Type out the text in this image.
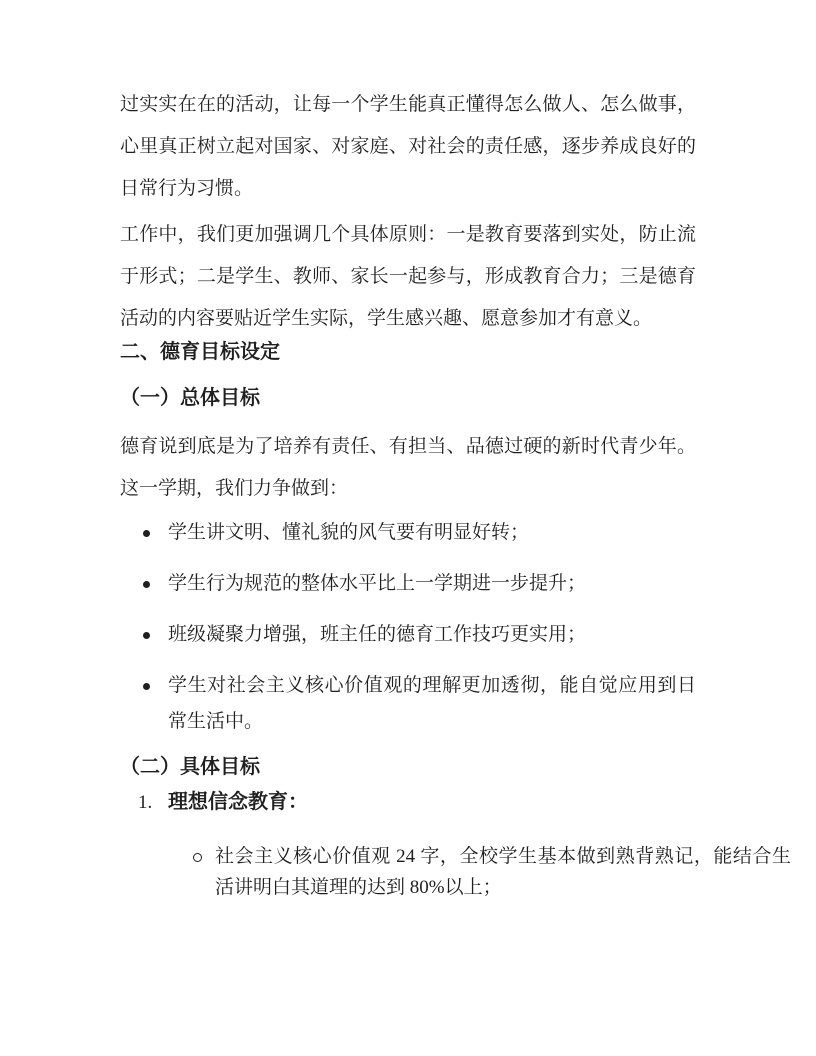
过实实在在的活动，让每一个学生能真正懂得怎么做人、怎么做事，心里真正树立起对国家、对家庭、对社会的责任感，逐步养成良好的日常行为习惯。

工作中，我们更加强调几个具体原则：一是教育要落到实处，防止流于形式；二是学生、教师、家长一起参与，形成教育合力；三是德育活动的内容要贴近学生实际，学生感兴趣、愿意参加才有意义。

二、德育目标设定
（一）总体目标

德育说到底是为了培养有责任、有担当、品德过硬的新时代青少年。这一学期，我们力争做到：

学生讲文明、懂礼貌的风气要有明显好转；
学生行为规范的整体水平比上一学期进一步提升；
班级凝聚力增强，班主任的德育工作技巧更实用；
学生对社会主义核心价值观的理解更加透彻，能自觉应用到日常生活中。
（二）具体目标
1. 理想信念教育：
社会主义核心价值观 24 字，全校学生基本做到熟背熟记，能结合生活讲明白其道理的达到 80%以上；
